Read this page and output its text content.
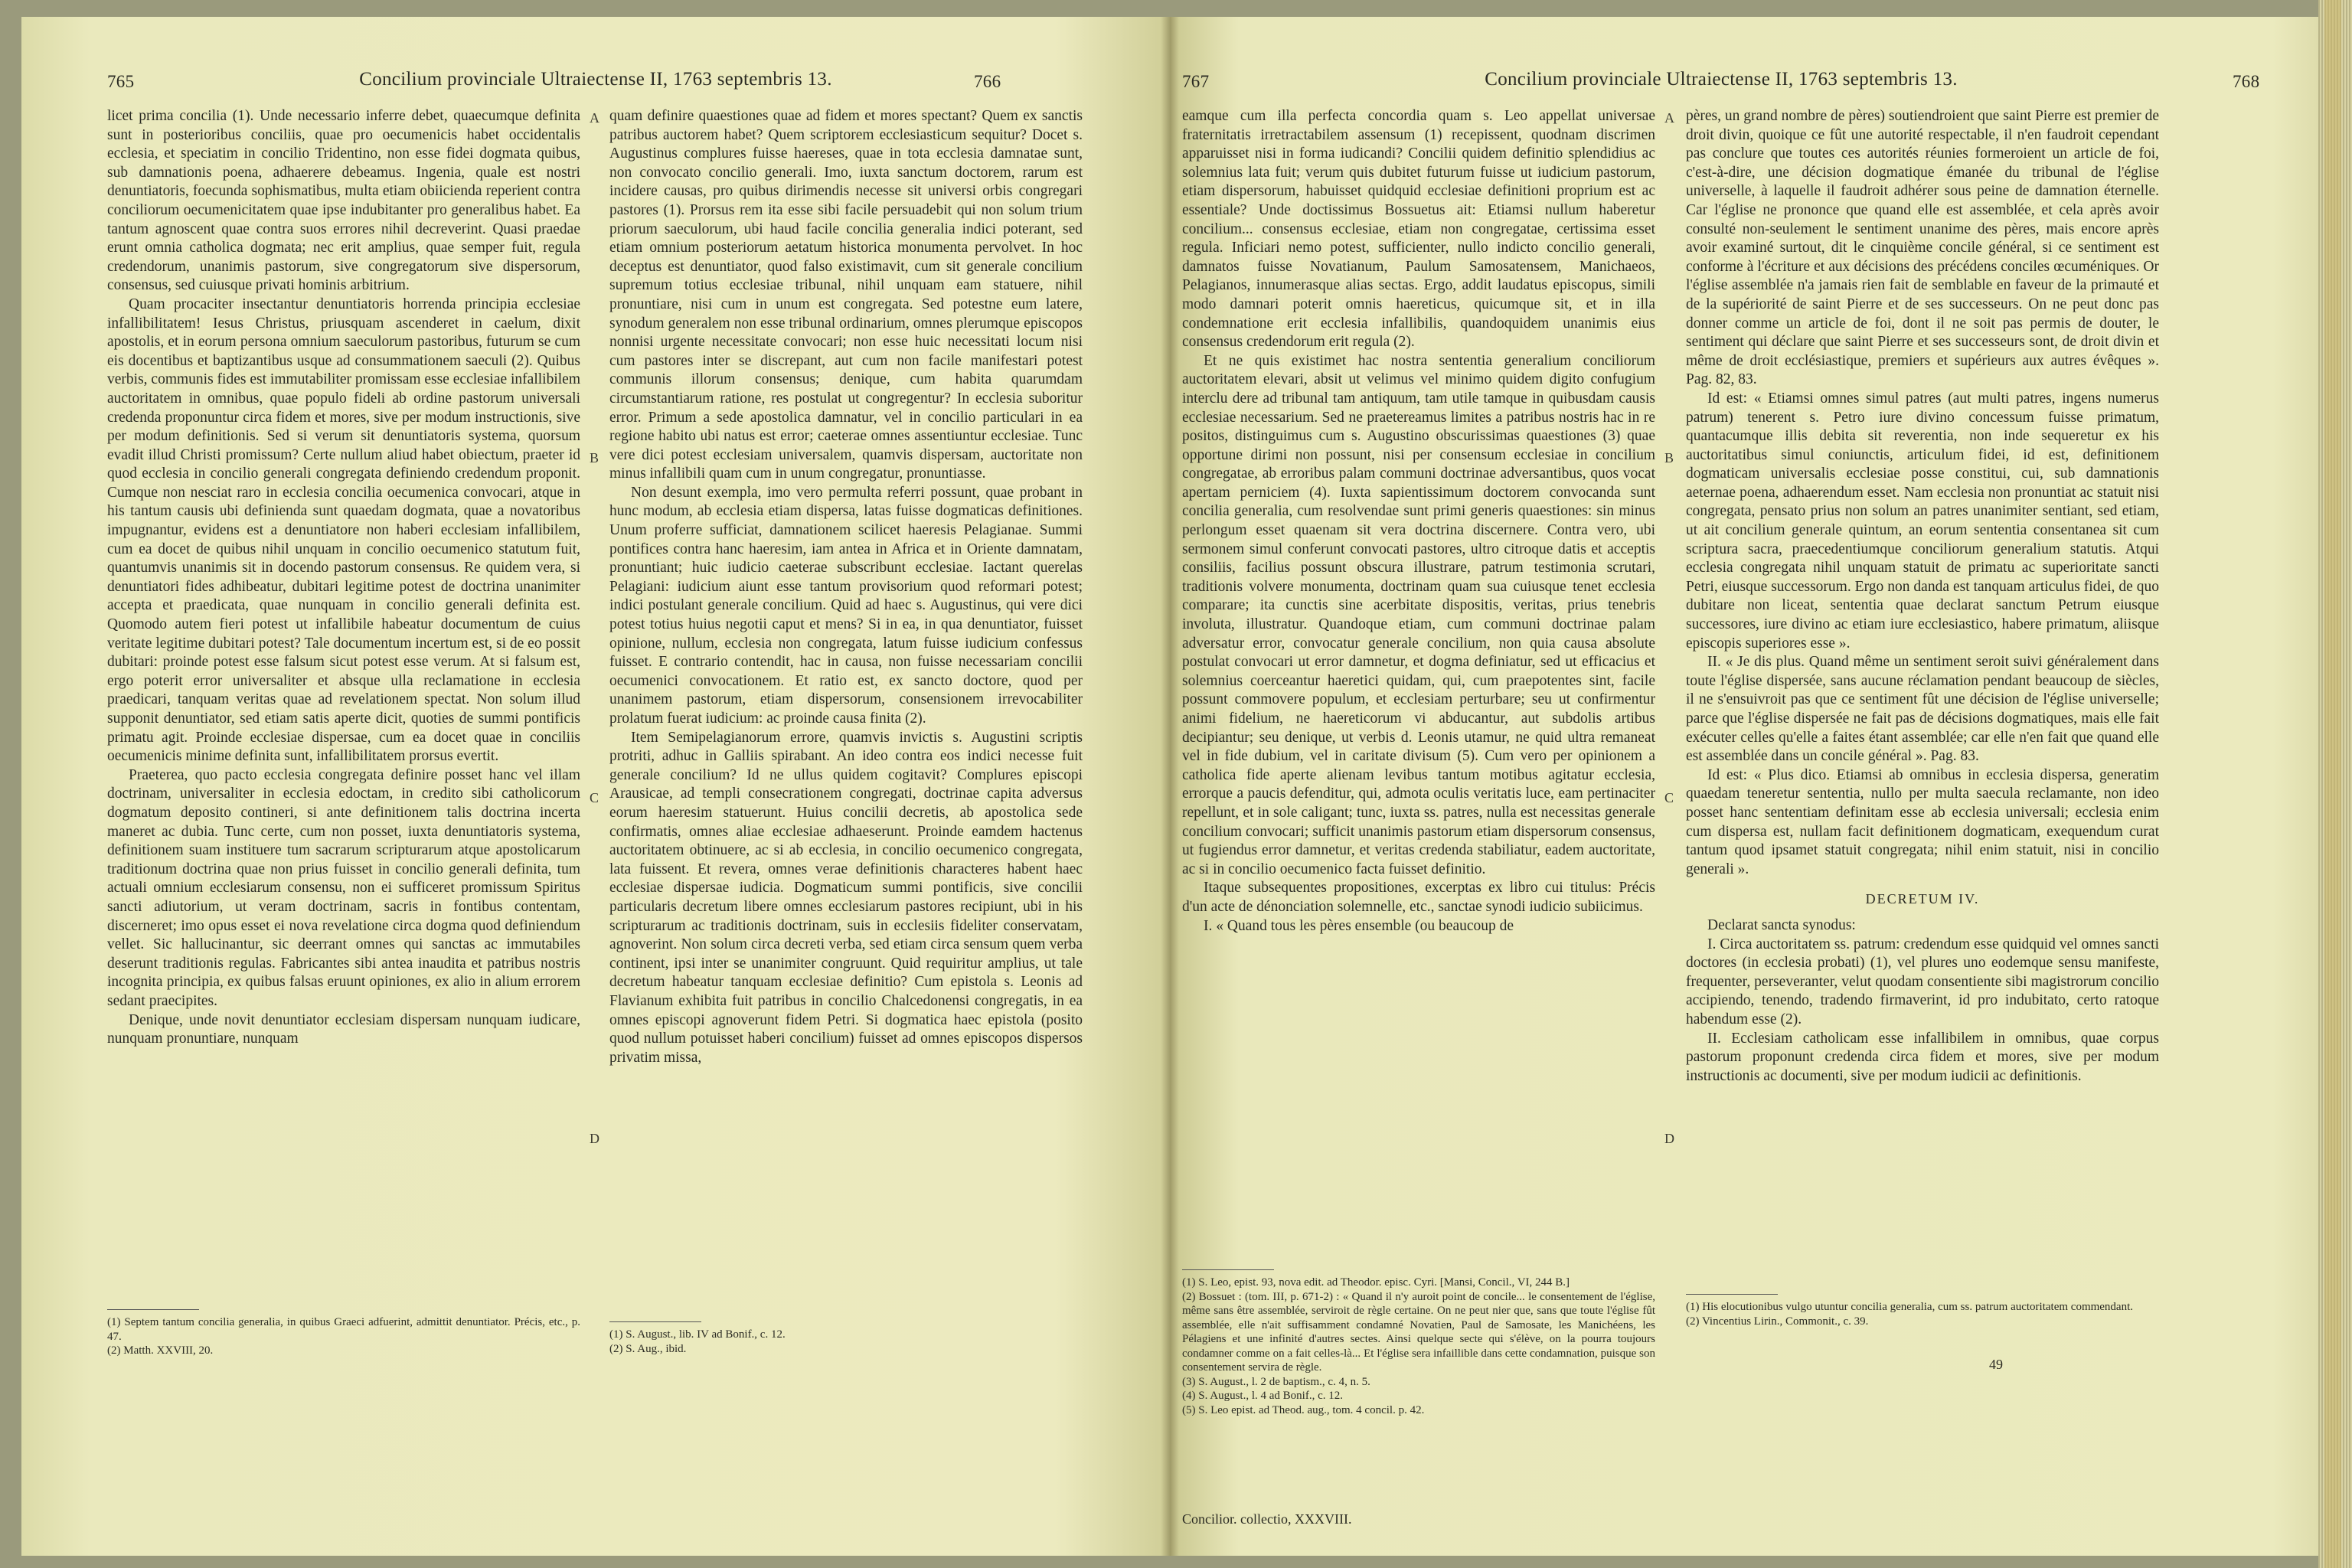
765	Concilium provinciale Ultraiectense II, 1763 septembris 13.	766

licet prima concilia (1). Unde necessario inferre debet, quaecumque definita sunt in posterioribus conciliis, quae pro oecumenicis habet occidentalis ecclesia, et speciatim in concilio Tridentino, non esse fidei dogmata quibus, sub damnationis poena, adhaerere debeamus. Ingenia, quale est nostri denuntiatoris, foecunda sophismatibus, multa etiam obiicienda reperient contra conciliorum oecumenicitatem quae ipse indubitanter pro generalibus habet. Ea tantum agnoscent quae contra suos errores nihil decreverint. Quasi praedae erunt omnia catholica dogmata; nec erit amplius, quae semper fuit, regula credendorum, unanimis pastorum, sive congregatorum sive dispersorum, consensus, sed cuiusque privati hominis arbitrium.

Quam procaciter insectantur denuntiatoris horrenda principia ecclesiae infallibilitatem! Iesus Christus, priusquam ascenderet in caelum, dixit apostolis, et in eorum persona omnium saeculorum pastoribus, futurum se cum eis docentibus et baptizantibus usque ad consummationem saeculi (2). Quibus verbis, communis fides est immutabiliter promissam esse ecclesiae infallibilem auctoritatem in omnibus, quae populo fideli ab ordine pastorum universali credenda proponuntur circa fidem et mores, sive per modum instructionis, sive per modum definitionis. Sed si verum sit denuntiatoris systema, quorsum evadit illud Christi promissum? Certe nullum aliud habet obiectum, praeter id quod ecclesia in concilio generali congregata definiendo credendum proponit. Cumque non nesciat raro in ecclesia concilia oecumenica convocari, atque in his tantum causis ubi definienda sunt quaedam dogmata, quae a novatoribus impugnantur, evidens est a denuntiatore non haberi ecclesiam infallibilem, cum ea docet de quibus nihil unquam in concilio oecumenico statutum fuit, quantumvis unanimis sit in docendo pastorum consensus. Re quidem vera, si denuntiatori fides adhibeatur, dubitari legitime potest de doctrina unanimiter accepta et praedicata, quae nunquam in concilio generali definita est. Quomodo autem fieri potest ut infallibile habeatur documentum de cuius veritate legitime dubitari potest? Tale documentum incertum est, si de eo possit dubitari: proinde potest esse falsum sicut potest esse verum. At si falsum est, ergo poterit error universaliter et absque ulla reclamatione in ecclesia praedicari, tanquam veritas quae ad revelationem spectat. Non solum illud supponit denuntiator, sed etiam satis aperte dicit, quoties de summi pontificis primatu agit. Proinde ecclesiae dispersae, cum ea docet quae in conciliis oecumenicis minime definita sunt, infallibilitatem prorsus evertit.

Praeterea, quo pacto ecclesia congregata definire posset hanc vel illam doctrinam, universaliter in ecclesia edoctam, in credito sibi catholicorum dogmatum deposito contineri, si ante definitionem talis doctrina incerta maneret ac dubia. Tunc certe, cum non posset, iuxta denuntiatoris systema, definitionem suam instituere tum sacrarum scripturarum atque apostolicarum traditionum doctrina quae non prius fuisset in concilio generali definita, tum actuali omnium ecclesiarum consensu, non ei sufficeret promissum Spiritus sancti adiutorium, ut veram doctrinam, sacris in fontibus contentam, discerneret; imo opus esset ei nova revelatione circa dogma quod definiendum vellet. Sic hallucinantur, sic deerrant omnes qui sanctas ac immutabiles deserunt traditionis regulas. Fabricantes sibi antea inaudita et patribus nostris incognita principia, ex quibus falsas eruunt opiniones, ex alio in alium errorem sedant praecipites.

Denique, unde novit denuntiator ecclesiam dispersam nunquam iudicare, nunquam pronuntiare, nunquam

A
B
C
D

quam definire quaestiones quae ad fidem et mores spectant? Quem ex sanctis patribus auctorem habet? Quem scriptorem ecclesiasticum sequitur? Docet s. Augustinus complures fuisse haereses, quae in tota ecclesia damnatae sunt, non convocato concilio generali. Imo, iuxta sanctum doctorem, rarum est incidere causas, pro quibus dirimendis necesse sit universi orbis congregari pastores (1). Prorsus rem ita esse sibi facile persuadebit qui non solum trium priorum saeculorum, ubi haud facile concilia generalia indici poterant, sed etiam omnium posteriorum aetatum historica monumenta pervolvet. In hoc deceptus est denuntiator, quod falso existimavit, cum sit generale concilium supremum totius ecclesiae tribunal, nihil unquam eam statuere, nihil pronuntiare, nisi cum in unum est congregata. Sed potestne eum latere, synodum generalem non esse tribunal ordinarium, omnes plerumque episcopos nonnisi urgente necessitate convocari; non esse huic necessitati locum nisi cum pastores inter se discrepant, aut cum non facile manifestari potest communis illorum consensus; denique, cum habita quarumdam circumstantiarum ratione, res postulat ut congregentur? In ecclesia suboritur error. Primum a sede apostolica damnatur, vel in concilio particulari in ea regione habito ubi natus est error; caeterae omnes assentiuntur ecclesiae. Tunc vere dici potest ecclesiam universalem, quamvis dispersam, auctoritate non minus infallibili quam cum in unum congregatur, pronuntiasse.

Non desunt exempla, imo vero permulta referri possunt, quae probant in hunc modum, ab ecclesia etiam dispersa, latas fuisse dogmaticas definitiones. Unum proferre sufficiat, damnationem scilicet haeresis Pelagianae. Summi pontifices contra hanc haeresim, iam antea in Africa et in Oriente damnatam, pronuntiant; huic iudicio caeterae subscribunt ecclesiae. Iactant querelas Pelagiani: iudicium aiunt esse tantum provisorium quod reformari potest; indici postulant generale concilium. Quid ad haec s. Augustinus, qui vere dici potest totius huius negotii caput et mens? Si in ea, in qua denuntiator, fuisset opinione, nullum, ecclesia non congregata, latum fuisse iudicium confessus fuisset. E contrario contendit, hac in causa, non fuisse necessariam concilii oecumenici convocationem. Et ratio est, ex sancto doctore, quod per unanimem pastorum, etiam dispersorum, consensionem irrevocabiliter prolatum fuerat iudicium: ac proinde causa finita (2).

Item Semipelagianorum errore, quamvis invictis s. Augustini scriptis protriti, adhuc in Galliis spirabant. An ideo contra eos indici necesse fuit generale concilium? Id ne ullus quidem cogitavit? Complures episcopi Arausicae, ad templi consecrationem congregati, doctrinae capita adversus eorum haeresim statuerunt. Huius concilii decretis, ab apostolica sede confirmatis, omnes aliae ecclesiae adhaeserunt. Proinde eamdem hactenus auctoritatem obtinuere, ac si ab ecclesia, in concilio oecumenico congregata, lata fuissent. Et revera, omnes verae definitionis characteres habent haec ecclesiae dispersae iudicia. Dogmaticum summi pontificis, sive concilii particularis decretum libere omnes ecclesiarum pastores recipiunt, ubi in his scripturarum ac traditionis doctrinam, suis in ecclesiis fideliter conservatam, agnoverint. Non solum circa decreti verba, sed etiam circa sensum quem verba continent, ipsi inter se unanimiter congruunt. Quid requiritur amplius, ut tale decretum habeatur tanquam ecclesiae definitio? Cum epistola s. Leonis ad Flavianum exhibita fuit patribus in concilio Chalcedonensi congregatis, in ea omnes episcopi agnoverunt fidem Petri. Si dogmatica haec epistola (posito quod nullum potuisset haberi concilium) fuisset ad omnes episcopos dispersos privatim missa,

(1) Septem tantum concilia generalia, in quibus Graeci adfuerint, admittit denuntiator. Précis, etc., p. 47.
(2) Matth. XXVIII, 20.
(1) S. August., lib. IV ad Bonif., c. 12.
(2) S. Aug., ibid.
767	Concilium provinciale Ultraiectense II, 1763 septembris 13.	768

eamque cum illa perfecta concordia quam s. Leo appellat universae fraternitatis irretractabilem assensum (1) recepissent, quodnam discrimen apparuisset nisi in forma iudicandi? Concilii quidem definitio splendidius ac solemnius lata fuit; verum quis dubitet futurum fuisse ut iudicium pastorum, etiam dispersorum, habuisset quidquid ecclesiae definitioni proprium est ac essentiale? Unde doctissimus Bossuetus ait: Etiamsi nullum haberetur concilium... consensus ecclesiae, etiam non congregatae, certissima esset regula. Inficiari nemo potest, sufficienter, nullo indicto concilio generali, damnatos fuisse Novatianum, Paulum Samosatensem, Manichaeos, Pelagianos, innumerasque alias sectas. Ergo, addit laudatus episcopus, simili modo damnari poterit omnis haereticus, quicumque sit, et in illa condemnatione erit ecclesia infallibilis, quandoquidem unanimis eius consensus credendorum erit regula (2).

Et ne quis existimet hac nostra sententia generalium conciliorum auctoritatem elevari, absit ut velimus vel minimo quidem digito confugium interclu dere ad tribunal tam antiquum, tam utile tamque in quibusdam causis ecclesiae necessarium. Sed ne praetereamus limites a patribus nostris hac in re positos, distinguimus cum s. Augustino obscurissimas quaestiones (3) quae opportune dirimi non possunt, nisi per consensum ecclesiae in concilium congregatae, ab erroribus palam communi doctrinae adversantibus, quos vocat apertam perniciem (4). Iuxta sapientissimum doctorem convocanda sunt concilia generalia, cum resolvendae sunt primi generis quaestiones: sin minus perlongum esset quaenam sit vera doctrina discernere. Contra vero, ubi sermonem simul conferunt convocati pastores, ultro citroque datis et acceptis consiliis, facilius possunt obscura illustrare, patrum testimonia scrutari, traditionis volvere monumenta, doctrinam quam sua cuiusque tenet ecclesia comparare; ita cunctis sine acerbitate dispositis, veritas, prius tenebris involuta, illustratur. Quandoque etiam, cum communi doctrinae palam adversatur error, convocatur generale concilium, non quia causa absolute postulat convocari ut error damnetur, et dogma definiatur, sed ut efficacius et solemnius coerceantur haeretici quidam, qui, cum praepotentes sint, facile possunt commovere populum, et ecclesiam perturbare; seu ut confirmentur animi fidelium, ne haereticorum vi abducantur, aut subdolis artibus decipiantur; seu denique, ut verbis d. Leonis utamur, ne quid ultra remaneat vel in fide dubium, vel in caritate divisum (5). Cum vero per opinionem a catholica fide aperte alienam levibus tantum motibus agitatur ecclesia, errorque a paucis defenditur, qui, admota oculis veritatis luce, eam pertinaciter repellunt, et in sole caligant; tunc, iuxta ss. patres, nulla est necessitas generale concilium convocari; sufficit unanimis pastorum etiam dispersorum consensus, ut fugiendus error damnetur, et veritas credenda stabiliatur, eadem auctoritate, ac si in concilio oecumenico facta fuisset definitio.

Itaque subsequentes propositiones, excerptas ex libro cui titulus: Précis d'un acte de dénonciation solemnelle, etc., sanctae synodi iudicio subiicimus.

I. « Quand tous les pères ensemble (ou beaucoup de

A
B
C
D

pères, un grand nombre de pères) soutiendroient que saint Pierre est premier de droit divin, quoique ce fût une autorité respectable, il n'en faudroit cependant pas conclure que toutes ces autorités réunies formeroient un article de foi, c'est-à-dire, une décision dogmatique émanée du tribunal de l'église universelle, à laquelle il faudroit adhérer sous peine de damnation éternelle. Car l'église ne prononce que quand elle est assemblée, et cela après avoir consulté non-seulement le sentiment unanime des pères, mais encore après avoir examiné surtout, dit le cinquième concile général, si ce sentiment est conforme à l'écriture et aux décisions des précédens conciles œcuméniques. Or l'église assemblée n'a jamais rien fait de semblable en faveur de la primauté et de la supériorité de saint Pierre et de ses successeurs. On ne peut donc pas donner comme un article de foi, dont il ne soit pas permis de douter, le sentiment qui déclare que saint Pierre et ses successeurs sont, de droit divin et même de droit ecclésiastique, premiers et supérieurs aux autres évêques ». Pag. 82, 83.

Id est: « Etiamsi omnes simul patres (aut multi patres, ingens numerus patrum) tenerent s. Petro iure divino concessum fuisse primatum, quantacumque illis debita sit reverentia, non inde sequeretur ex his auctoritatibus simul coniunctis, articulum fidei, id est, definitionem dogmaticam universalis ecclesiae posse constitui, cui, sub damnationis aeternae poena, adhaerendum esset. Nam ecclesia non pronuntiat ac statuit nisi congregata, pensato prius non solum an patres unanimiter sentiant, sed etiam, ut ait concilium generale quintum, an eorum sententia consentanea sit cum scriptura sacra, praecedentiumque conciliorum generalium statutis. Atqui ecclesia congregata nihil unquam statuit de primatu ac superioritate sancti Petri, eiusque successorum. Ergo non danda est tanquam articulus fidei, de quo dubitare non liceat, sententia quae declarat sanctum Petrum eiusque successores, iure divino ac etiam iure ecclesiastico, habere primatum, aliisque episcopis superiores esse ».

II. « Je dis plus. Quand même un sentiment seroit suivi généralement dans toute l'église dispersée, sans aucune réclamation pendant beaucoup de siècles, il ne s'ensuivroit pas que ce sentiment fût une décision de l'église universelle; parce que l'église dispersée ne fait pas de décisions dogmatiques, mais elle fait exécuter celles qu'elle a faites étant assemblée; car elle n'en fait que quand elle est assemblée dans un concile général ». Pag. 83.

Id est: « Plus dico. Etiamsi ab omnibus in ecclesia dispersa, generatim quaedam teneretur sententia, nullo per multa saecula reclamante, non ideo posset hanc sententiam definitam esse ab ecclesia universali; ecclesia enim cum dispersa est, nullam facit definitionem dogmaticam, exequendum curat tantum quod ipsamet statuit congregata; nihil enim statuit, nisi in concilio generali ».

DECRETUM IV.

Declarat sancta synodus:

I. Circa auctoritatem ss. patrum: credendum esse quidquid vel omnes sancti doctores (in ecclesia probati) (1), vel plures uno eodemque sensu manifeste, frequenter, perseveranter, velut quodam consentiente sibi magistrorum concilio accipiendo, tenendo, tradendo firmaverint, id pro indubitato, certo ratoque habendum esse (2).

II. Ecclesiam catholicam esse infallibilem in omnibus, quae corpus pastorum proponunt credenda circa fidem et mores, sive per modum instructionis ac documenti, sive per modum iudicii ac definitionis.

(1) S. Leo, epist. 93, nova edit. ad Theodor. episc. Cyri. [Mansi, Concil., VI, 244 B.]
(2) Bossuet : (tom. III, p. 671-2) : « Quand il n'y auroit point de concile... le consentement de l'église, même sans être assemblée, serviroit de règle certaine. On ne peut nier que, sans que toute l'église fût assemblée, elle n'ait suffisamment condamné Novatien, Paul de Samosate, les Manichéens, les Pélagiens et une infinité d'autres sectes. Ainsi quelque secte qui s'élève, on la pourra toujours condamner comme on a fait celles-là... Et l'église sera infaillible dans cette condamnation, puisque son consentement servira de règle.
(3) S. August., l. 2 de baptism., c. 4, n. 5.
(4) S. August., l. 4 ad Bonif., c. 12.
(5) S. Leo epist. ad Theod. aug., tom. 4 concil. p. 42.
Concilior. collectio, XXXVIII.
(1) His elocutionibus vulgo utuntur concilia generalia, cum ss. patrum auctoritatem commendant.
(2) Vincentius Lirin., Commonit., c. 39.
49
